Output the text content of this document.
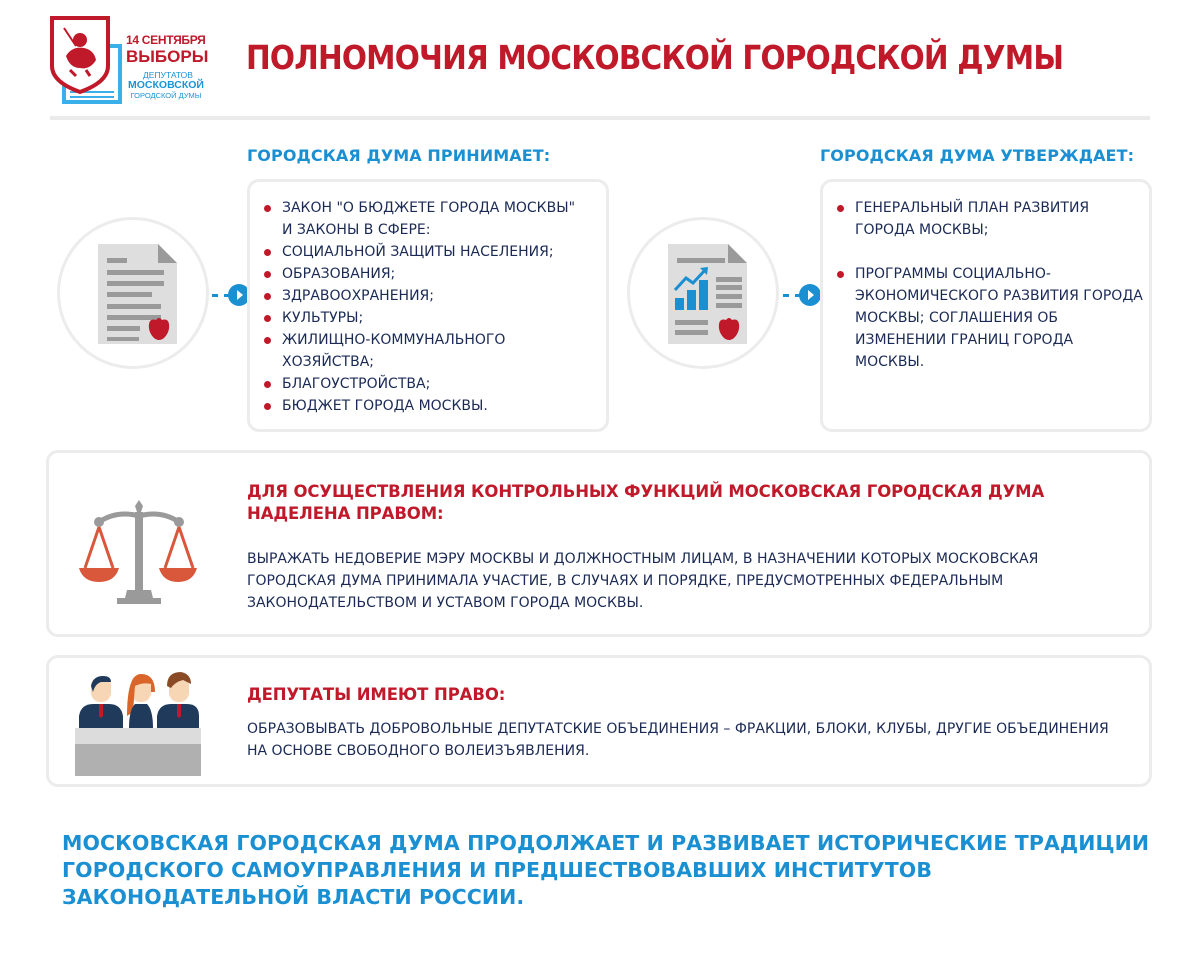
14 СЕНТЯБРЯ
ВЫБОРЫ
ДЕПУТАТОВ
МОСКОВСКОЙ
ГОРОДСКОЙ ДУМЫ
ПОЛНОМОЧИЯ МОСКОВСКОЙ ГОРОДСКОЙ ДУМЫ
ГОРОДСКАЯ ДУМА ПРИНИМАЕТ:
ЗАКОН "О БЮДЖЕТЕ ГОРОДА МОСКВЫ"
И ЗАКОНЫ В СФЕРЕ:
СОЦИАЛЬНОЙ ЗАЩИТЫ НАСЕЛЕНИЯ;
ОБРАЗОВАНИЯ;
ЗДРАВООХРАНЕНИЯ;
КУЛЬТУРЫ;
ЖИЛИЩНО-КОММУНАЛЬНОГО ХОЗЯЙСТВА;
БЛАГОУСТРОЙСТВА;
БЮДЖЕТ ГОРОДА МОСКВЫ.
ГОРОДСКАЯ ДУМА УТВЕРЖДАЕТ:
ГЕНЕРАЛЬНЫЙ ПЛАН РАЗВИТИЯ ГОРОДА МОСКВЫ;
ПРОГРАММЫ СОЦИАЛЬНО-ЭКОНОМИЧЕСКОГО РАЗВИТИЯ ГОРОДА МОСКВЫ; СОГЛАШЕНИЯ ОБ ИЗМЕНЕНИИ ГРАНИЦ ГОРОДА МОСКВЫ.
ДЛЯ ОСУЩЕСТВЛЕНИЯ КОНТРОЛЬНЫХ ФУНКЦИЙ МОСКОВСКАЯ ГОРОДСКАЯ ДУМА НАДЕЛЕНА ПРАВОМ:
ВЫРАЖАТЬ НЕДОВЕРИЕ МЭРУ МОСКВЫ И ДОЛЖНОСТНЫМ ЛИЦАМ, В НАЗНАЧЕНИИ КОТОРЫХ МОСКОВСКАЯ ГОРОДСКАЯ ДУМА ПРИНИМАЛА УЧАСТИЕ, В СЛУЧАЯХ И ПОРЯДКЕ, ПРЕДУСМОТРЕННЫХ ФЕДЕРАЛЬНЫМ ЗАКОНОДАТЕЛЬСТВОМ И УСТАВОМ ГОРОДА МОСКВЫ.
ДЕПУТАТЫ ИМЕЮТ ПРАВО:
ОБРАЗОВЫВАТЬ ДОБРОВОЛЬНЫЕ ДЕПУТАТСКИЕ ОБЪЕДИНЕНИЯ – ФРАКЦИИ, БЛОКИ, КЛУБЫ, ДРУГИЕ ОБЪЕДИНЕНИЯ НА ОСНОВЕ СВОБОДНОГО ВОЛЕИЗЪЯВЛЕНИЯ.
МОСКОВСКАЯ ГОРОДСКАЯ ДУМА ПРОДОЛЖАЕТ И РАЗВИВАЕТ ИСТОРИЧЕСКИЕ ТРАДИЦИИ ГОРОДСКОГО САМОУПРАВЛЕНИЯ И ПРЕДШЕСТВОВАВШИХ ИНСТИТУТОВ ЗАКОНОДАТЕЛЬНОЙ ВЛАСТИ РОССИИ.
